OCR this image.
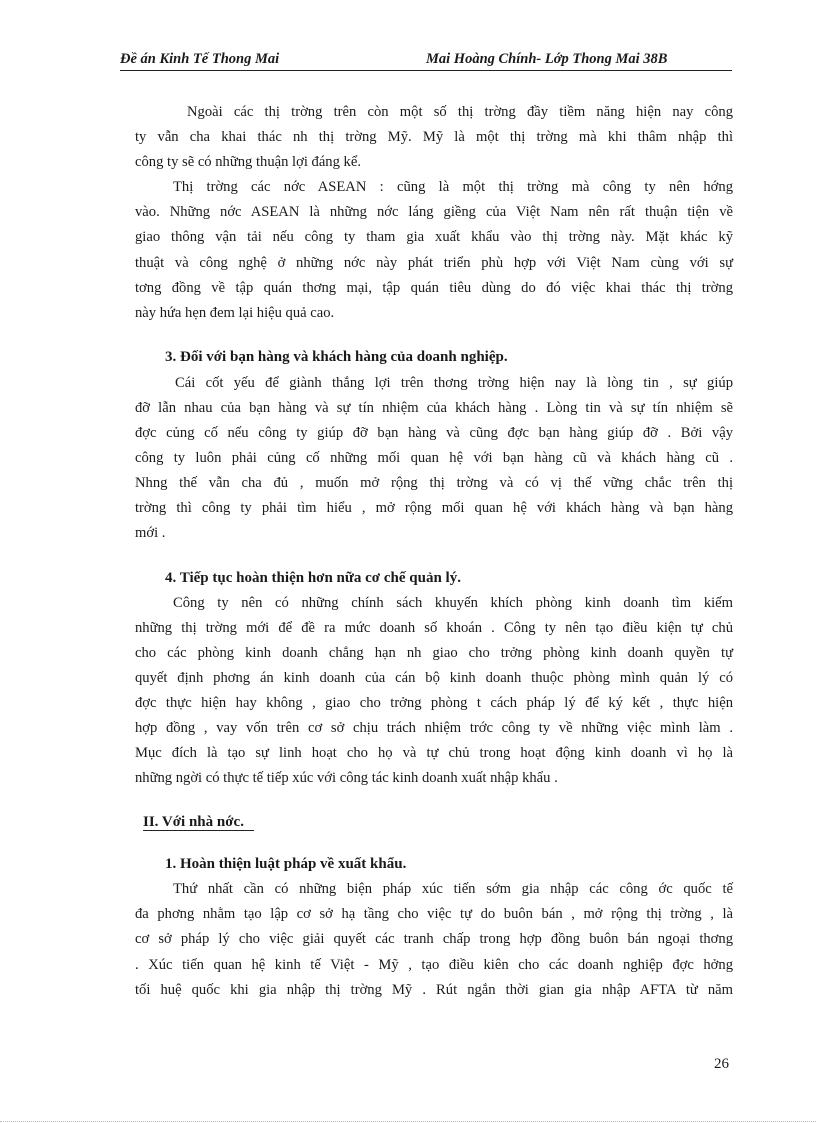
Đề án Kinh Tế Thong Mai	Mai Hoàng Chính- Lớp Thong Mai 38B
Ngoài các thị trờng trên còn một số thị trờng đầy tiềm năng hiện nay công
ty vẫn cha khai thác nh thị trờng Mỹ. Mỹ là một thị trờng mà khi thâm nhập thì
công ty sẽ có những thuận lợi đáng kể.
Thị trờng các nớc ASEAN : cũng là một thị trờng mà công ty nên hớng
vào. Những nớc ASEAN là những nớc láng giềng của Việt Nam nên rất thuận tiện về
giao thông vận tải nếu công ty tham gia xuất khẩu vào thị trờng này. Mặt khác kỹ
thuật và công nghệ ở những nớc này phát triển phù hợp với Việt Nam cùng với sự
tơng đồng về tập quán thơng mại, tập quán tiêu dùng do đó việc khai thác thị trờng
này hứa hẹn đem lại hiệu quả cao.
3. Đối với bạn hàng và khách hàng của doanh nghiệp.
Cái cốt yếu để giành thắng lợi trên thơng trờng hiện nay là lòng tin , sự giúp
đỡ lẫn nhau của bạn hàng và sự tín nhiệm của khách hàng . Lòng tin và sự tín nhiệm sẽ
đợc củng cố nếu công ty giúp đỡ bạn hàng và cũng đợc bạn hàng giúp đỡ . Bởi vậy
công ty luôn phải củng cố những mối quan hệ với bạn hàng cũ và khách hàng cũ .
Nhng thế vẫn cha đủ , muốn mở rộng thị trờng và có vị thế vững chắc trên thị
trờng thì công ty phải tìm hiểu , mở rộng mối quan hệ với khách hàng và bạn hàng
mới .
4. Tiếp tục hoàn thiện hơn nữa cơ chế quản lý.
Công ty nên có những chính sách khuyến khích phòng kinh doanh tìm kiếm
những thị trờng mới để đề ra mức doanh số khoán . Công ty nên tạo điều kiện tự chủ
cho các phòng kinh doanh chẳng hạn nh giao cho trởng phòng kinh doanh quyền tự
quyết định phơng án kinh doanh của cán bộ kinh doanh thuộc phòng mình quản lý có
đợc thực hiện hay không , giao cho trởng phòng t cách pháp lý để ký kết , thực hiện
hợp đồng , vay vốn trên cơ sở chịu trách nhiệm trớc công ty về những việc mình làm .
Mục đích là tạo sự linh hoạt cho họ và tự chủ trong hoạt động kinh doanh vì họ là
những ngời có thực tế tiếp xúc với công tác kinh doanh xuất nhập khẩu .
II. Với nhà nớc.
1. Hoàn thiện luật pháp về xuất khẩu.
Thứ nhất cần có những biện pháp xúc tiến sớm gia nhập các công ớc quốc tế
đa phơng nhằm tạo lập cơ sở hạ tầng cho việc tự do buôn bán , mở rộng thị trờng , là
cơ sở pháp lý cho việc giải quyết các tranh chấp trong hợp đồng buôn bán ngoại thơng
. Xúc tiến quan hệ kinh tế Việt - Mỹ , tạo điều kiên cho các doanh nghiệp đợc hởng
tối huệ quốc khi gia nhập thị trờng Mỹ . Rút ngắn thời gian gia nhập AFTA từ năm
26
